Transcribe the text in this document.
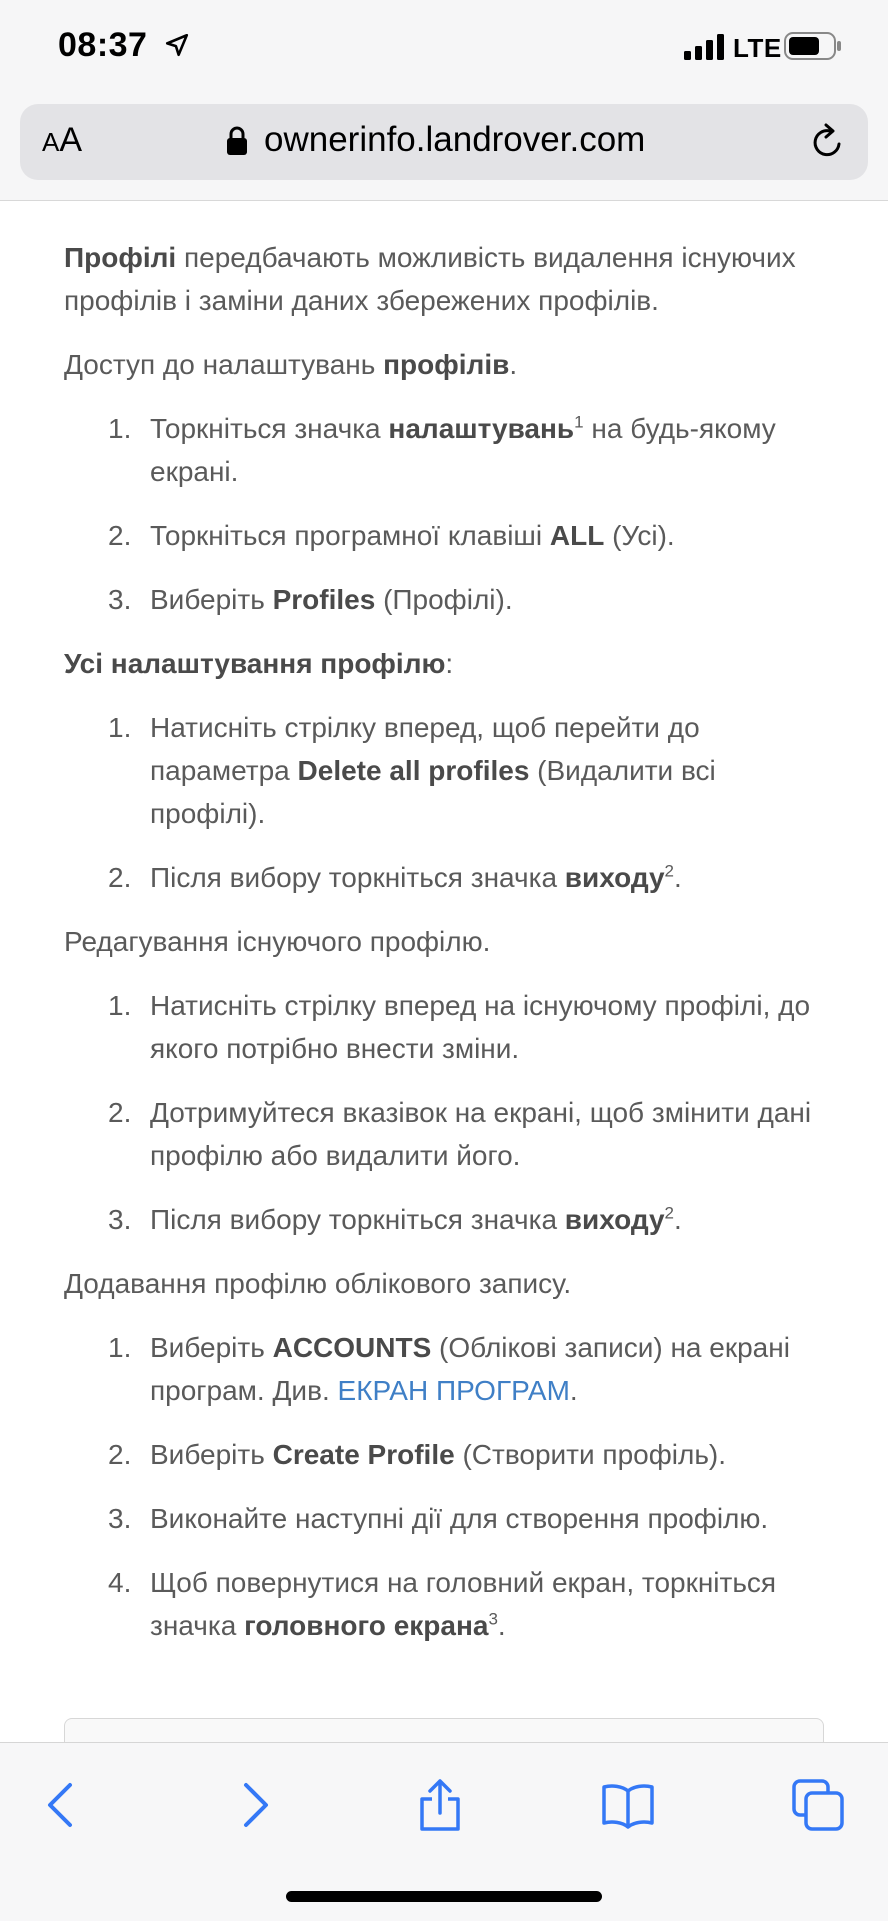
08:37	LTE
AA	ownerinfo.landrover.com

Профілі передбачають можливість видалення існуючих профілів і заміни даних збережених профілів.

Доступ до налаштувань профілів.

1. Торкніться значка налаштувань$^1$ на будь-якому екрані.
2. Торкніться програмної клавіші ALL (Усі).
3. Виберіть Profiles (Профілі).

Усі налаштування профілю:

1. Натисніть стрілку вперед, щоб перейти до параметра Delete all profiles (Видалити всі профілі).
2. Після вибору торкніться значка виходу$^2$.

Редагування існуючого профілю.

1. Натисніть стрілку вперед на існуючому профілі, до якого потрібно внести зміни.
2. Дотримуйтеся вказівок на екрані, щоб змінити дані профілю або видалити його.
3. Після вибору торкніться значка виходу$^2$.

Додавання профілю облікового запису.

1. Виберіть ACCOUNTS (Облікові записи) на екрані програм. Див. ЕКРАН ПРОГРАМ.
2. Виберіть Create Profile (Створити профіль).
3. Виконайте наступні дії для створення профілю.
4. Щоб повернутися на головний екран, торкніться значка головного екрана$^3$.
